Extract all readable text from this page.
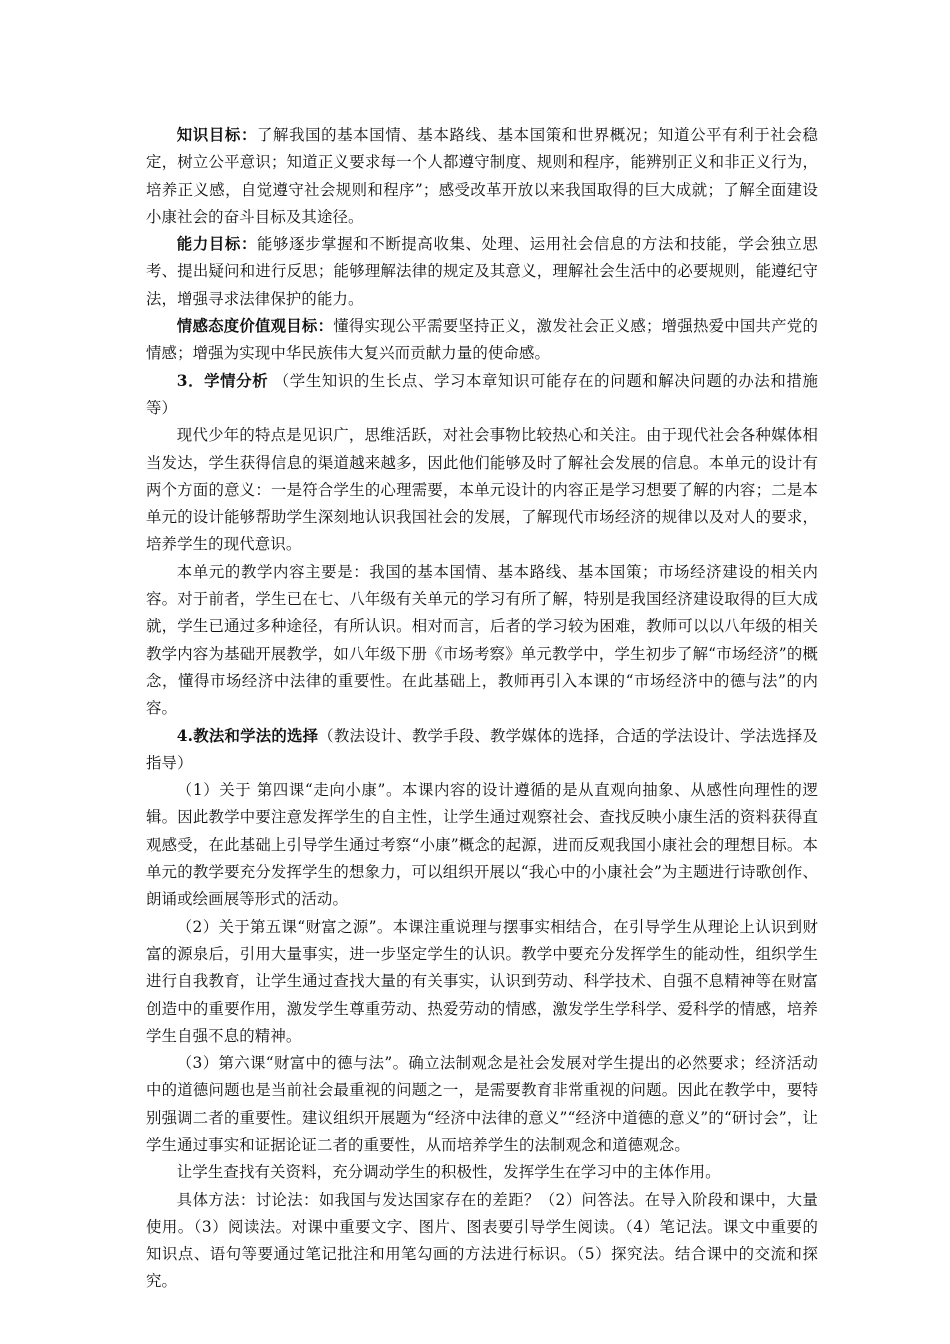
知识目标：了解我国的基本国情、基本路线、基本国策和世界概况；知道公平有利于社会稳定，树立公平意识；知道正义要求每一个人都遵守制度、规则和程序，能辨别正义和非正义行为，培养正义感，自觉遵守社会规则和程序”；感受改革开放以来我国取得的巨大成就；了解全面建设小康社会的奋斗目标及其途径。

能力目标：能够逐步掌握和不断提高收集、处理、运用社会信息的方法和技能，学会独立思考、提出疑问和进行反思；能够理解法律的规定及其意义，理解社会生活中的必要规则，能遵纪守法，增强寻求法律保护的能力。

情感态度价值观目标：懂得实现公平需要坚持正义，激发社会正义感；增强热爱中国共产党的情感；增强为实现中华民族伟大复兴而贡献力量的使命感。

3．学情分析 （学生知识的生长点、学习本章知识可能存在的问题和解决问题的办法和措施等）

现代少年的特点是见识广，思维活跃，对社会事物比较热心和关注。由于现代社会各种媒体相当发达，学生获得信息的渠道越来越多，因此他们能够及时了解社会发展的信息。本单元的设计有两个方面的意义：一是符合学生的心理需要，本单元设计的内容正是学习想要了解的内容；二是本单元的设计能够帮助学生深刻地认识我国社会的发展，了解现代市场经济的规律以及对人的要求，培养学生的现代意识。

本单元的教学内容主要是：我国的基本国情、基本路线、基本国策；市场经济建设的相关内容。对于前者，学生已在七、八年级有关单元的学习有所了解，特别是我国经济建设取得的巨大成就，学生已通过多种途径，有所认识。相对而言，后者的学习较为困难，教师可以以八年级的相关教学内容为基础开展教学，如八年级下册《市场考察》单元教学中，学生初步了解“市场经济”的概念，懂得市场经济中法律的重要性。在此基础上，教师再引入本课的“市场经济中的德与法”的内容。

4.教法和学法的选择（教法设计、教学手段、教学媒体的选择，合适的学法设计、学法选择及指导）

（1）关于 第四课“走向小康”。本课内容的设计遵循的是从直观向抽象、从感性向理性的逻辑。因此教学中要注意发挥学生的自主性，让学生通过观察社会、查找反映小康生活的资料获得直观感受，在此基础上引导学生通过考察“小康”概念的起源，进而反观我国小康社会的理想目标。本单元的教学要充分发挥学生的想象力，可以组织开展以“我心中的小康社会”为主题进行诗歌创作、朗诵或绘画展等形式的活动。

（2）关于第五课“财富之源”。本课注重说理与摆事实相结合，在引导学生从理论上认识到财富的源泉后，引用大量事实，进一步坚定学生的认识。教学中要充分发挥学生的能动性，组织学生进行自我教育，让学生通过查找大量的有关事实，认识到劳动、科学技术、自强不息精神等在财富创造中的重要作用，激发学生尊重劳动、热爱劳动的情感，激发学生学科学、爱科学的情感，培养学生自强不息的精神。

（3）第六课“财富中的德与法”。确立法制观念是社会发展对学生提出的必然要求；经济活动中的道德问题也是当前社会最重视的问题之一，是需要教育非常重视的问题。因此在教学中，要特别强调二者的重要性。建议组织开展题为“经济中法律的意义”“经济中道德的意义”的“研讨会”，让学生通过事实和证据论证二者的重要性，从而培养学生的法制观念和道德观念。

让学生查找有关资料，充分调动学生的积极性，发挥学生在学习中的主体作用。

具体方法：讨论法：如我国与发达国家存在的差距？（2）问答法。在导入阶段和课中，大量使用。（3）阅读法。对课中重要文字、图片、图表要引导学生阅读。（4）笔记法。课文中重要的知识点、语句等要通过笔记批注和用笔勾画的方法进行标识。（5）探究法。结合课中的交流和探究。
